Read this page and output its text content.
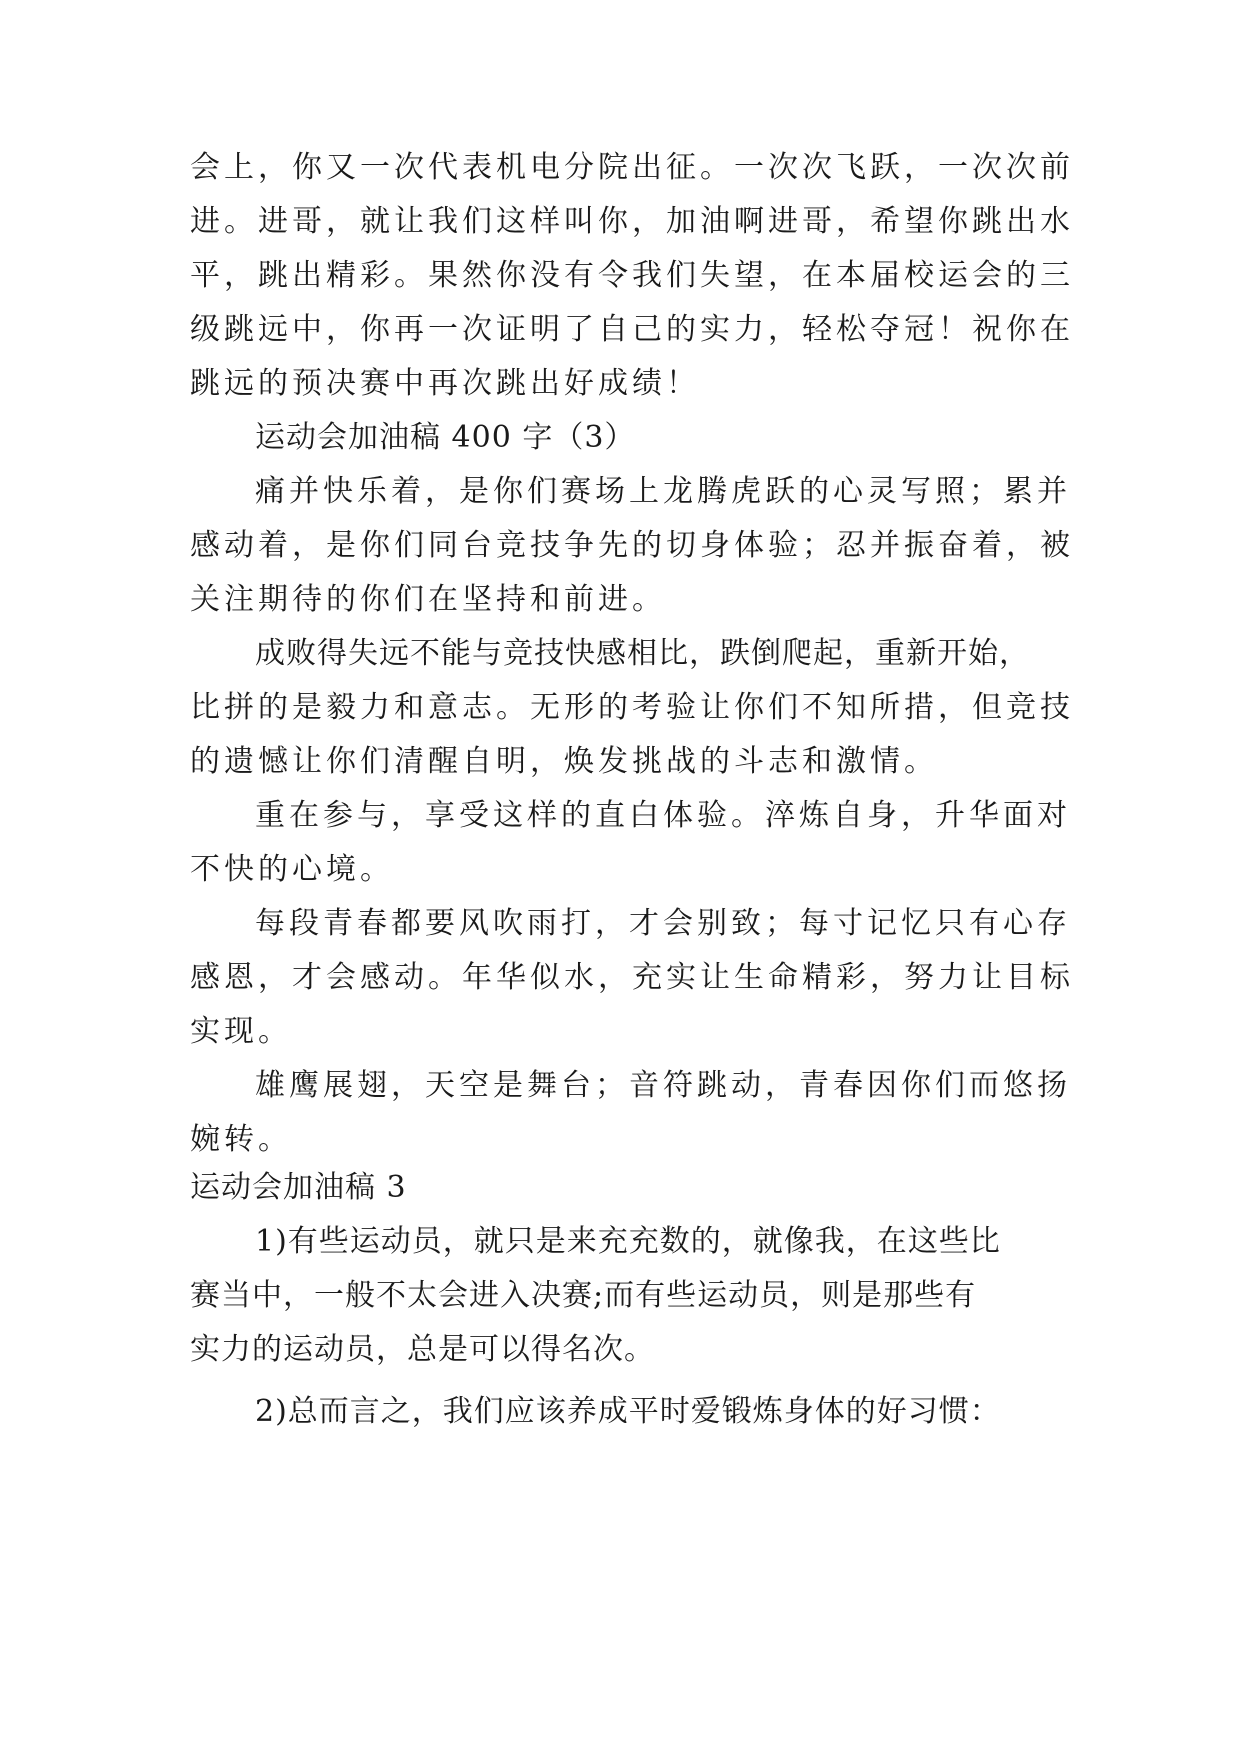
会上，你又一次代表机电分院出征。一次次飞跃，一次次前
进。进哥，就让我们这样叫你，加油啊进哥，希望你跳出水
平，跳出精彩。果然你没有令我们失望，在本届校运会的三
级跳远中，你再一次证明了自己的实力，轻松夺冠！祝你在
跳远的预决赛中再次跳出好成绩！
运动会加油稿 400 字（3）
痛并快乐着，是你们赛场上龙腾虎跃的心灵写照；累并
感动着，是你们同台竞技争先的切身体验；忍并振奋着，被
关注期待的你们在坚持和前进。
成败得失远不能与竞技快感相比，跌倒爬起，重新开始，
比拼的是毅力和意志。无形的考验让你们不知所措，但竞技
的遗憾让你们清醒自明，焕发挑战的斗志和激情。
重在参与，享受这样的直白体验。淬炼自身，升华面对
不快的心境。
每段青春都要风吹雨打，才会别致；每寸记忆只有心存
感恩，才会感动。年华似水，充实让生命精彩，努力让目标
实现。
雄鹰展翅，天空是舞台；音符跳动，青春因你们而悠扬
婉转。
运动会加油稿 3
1)有些运动员，就只是来充充数的，就像我，在这些比
赛当中，一般不太会进入决赛;而有些运动员，则是那些有
实力的运动员，总是可以得名次。
2)总而言之，我们应该养成平时爱锻炼身体的好习惯：
